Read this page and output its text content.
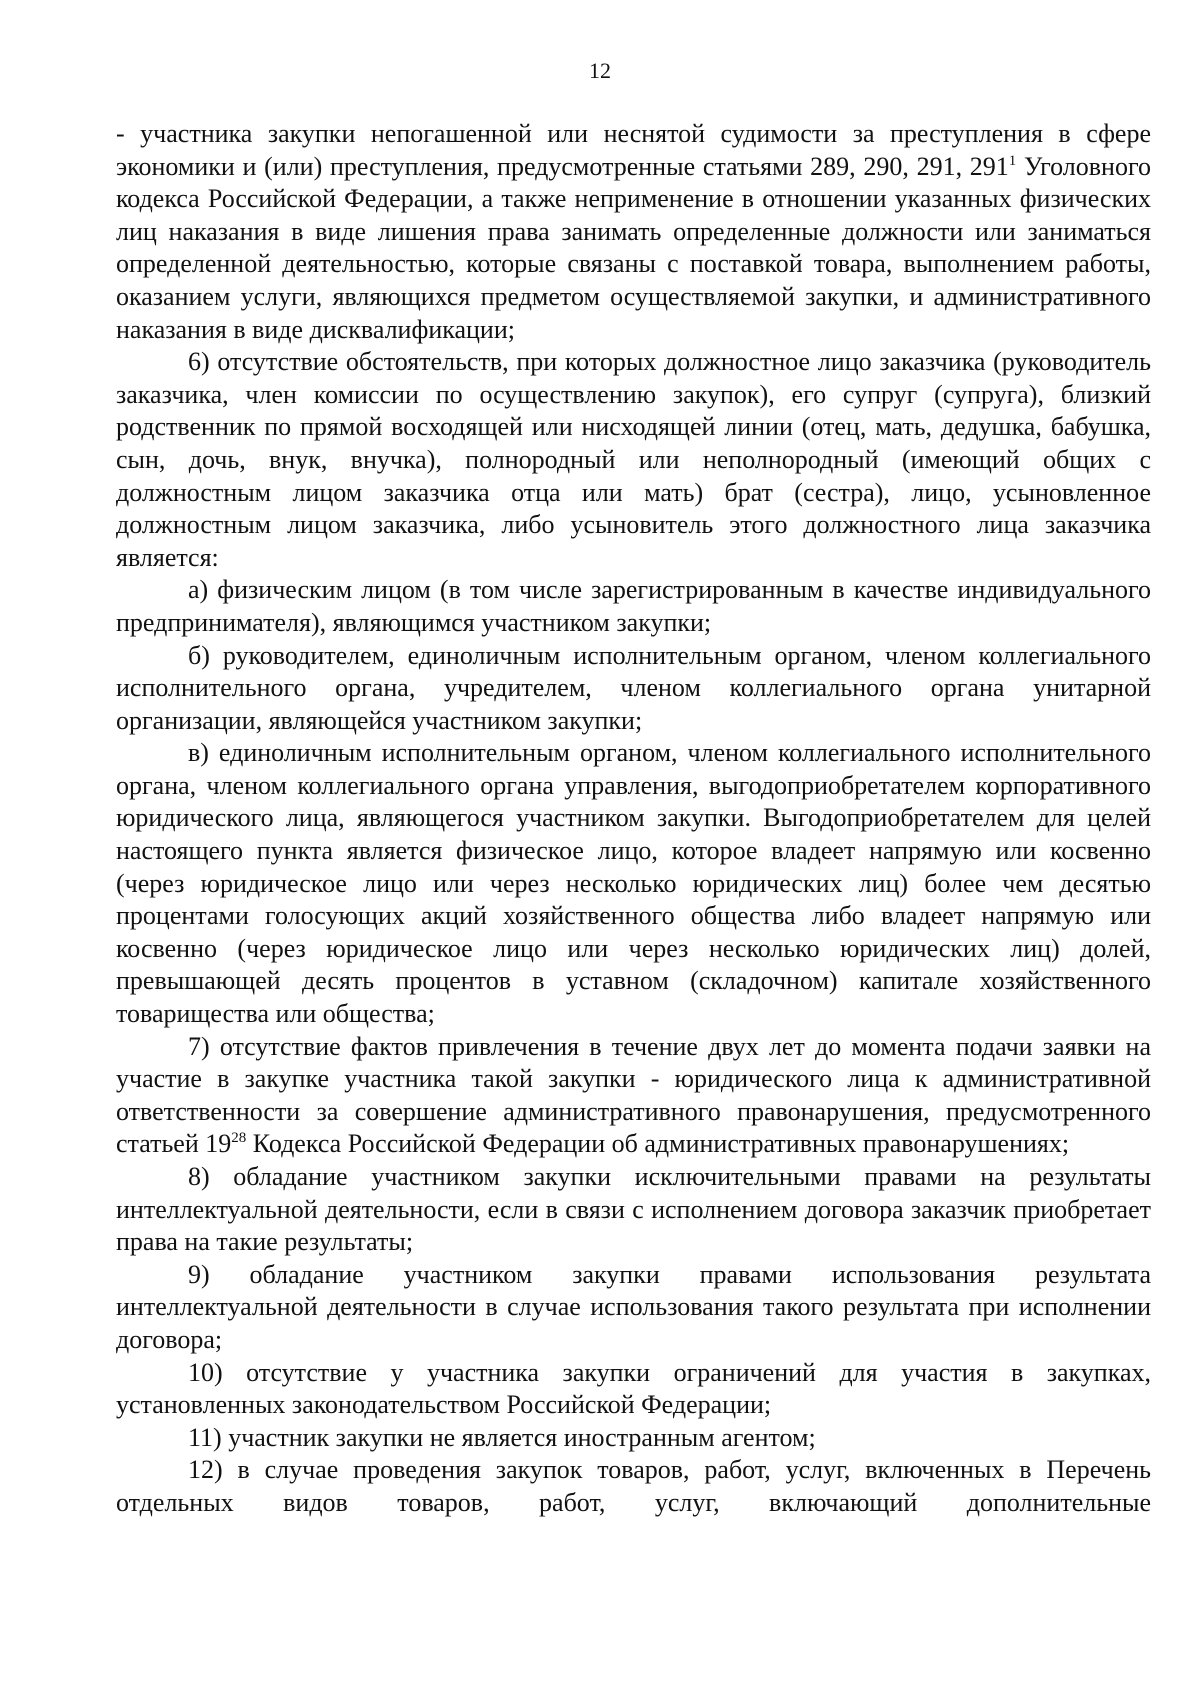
12

- участника закупки непогашенной или неснятой судимости за преступления в сфере экономики и (или) преступления, предусмотренные статьями 289, 290, 291, $291^1$ Уголовного кодекса Российской Федерации, а также неприменение в отношении указанных физических лиц наказания в виде лишения права занимать определенные должности или заниматься определенной деятельностью, которые связаны с поставкой товара, выполнением работы, оказанием услуги, являющихся предметом осуществляемой закупки, и административного наказания в виде дисквалификации;

6) отсутствие обстоятельств, при которых должностное лицо заказчика (руководитель заказчика, член комиссии по осуществлению закупок), его супруг (супруга), близкий родственник по прямой восходящей или нисходящей линии (отец, мать, дедушка, бабушка, сын, дочь, внук, внучка), полнородный или неполнородный (имеющий общих с должностным лицом заказчика отца или мать) брат (сестра), лицо, усыновленное должностным лицом заказчика, либо усыновитель этого должностного лица заказчика является:

а) физическим лицом (в том числе зарегистрированным в качестве индивидуального предпринимателя), являющимся участником закупки;

б) руководителем, единоличным исполнительным органом, членом коллегиального исполнительного органа, учредителем, членом коллегиального органа унитарной организации, являющейся участником закупки;

в) единоличным исполнительным органом, членом коллегиального исполнительного органа, членом коллегиального органа управления, выгодоприобретателем корпоративного юридического лица, являющегося участником закупки. Выгодоприобретателем для целей настоящего пункта является физическое лицо, которое владеет напрямую или косвенно (через юридическое лицо или через несколько юридических лиц) более чем десятью процентами голосующих акций хозяйственного общества либо владеет напрямую или косвенно (через юридическое лицо или через несколько юридических лиц) долей, превышающей десять процентов в уставном (складочном) капитале хозяйственного товарищества или общества;

7) отсутствие фактов привлечения в течение двух лет до момента подачи заявки на участие в закупке участника такой закупки - юридического лица к административной ответственности за совершение административного правонарушения, предусмотренного статьей $19^{28}$ Кодекса Российской Федерации об административных правонарушениях;

8) обладание участником закупки исключительными правами на результаты интеллектуальной деятельности, если в связи с исполнением договора заказчик приобретает права на такие результаты;

9) обладание участником закупки правами использования результата интеллектуальной деятельности в случае использования такого результата при исполнении договора;

10) отсутствие у участника закупки ограничений для участия в закупках, установленных законодательством Российской Федерации;

11) участник закупки не является иностранным агентом;

12) в случае проведения закупок товаров, работ, услуг, включенных в Перечень отдельных видов товаров, работ, услуг, включающий дополнительные
